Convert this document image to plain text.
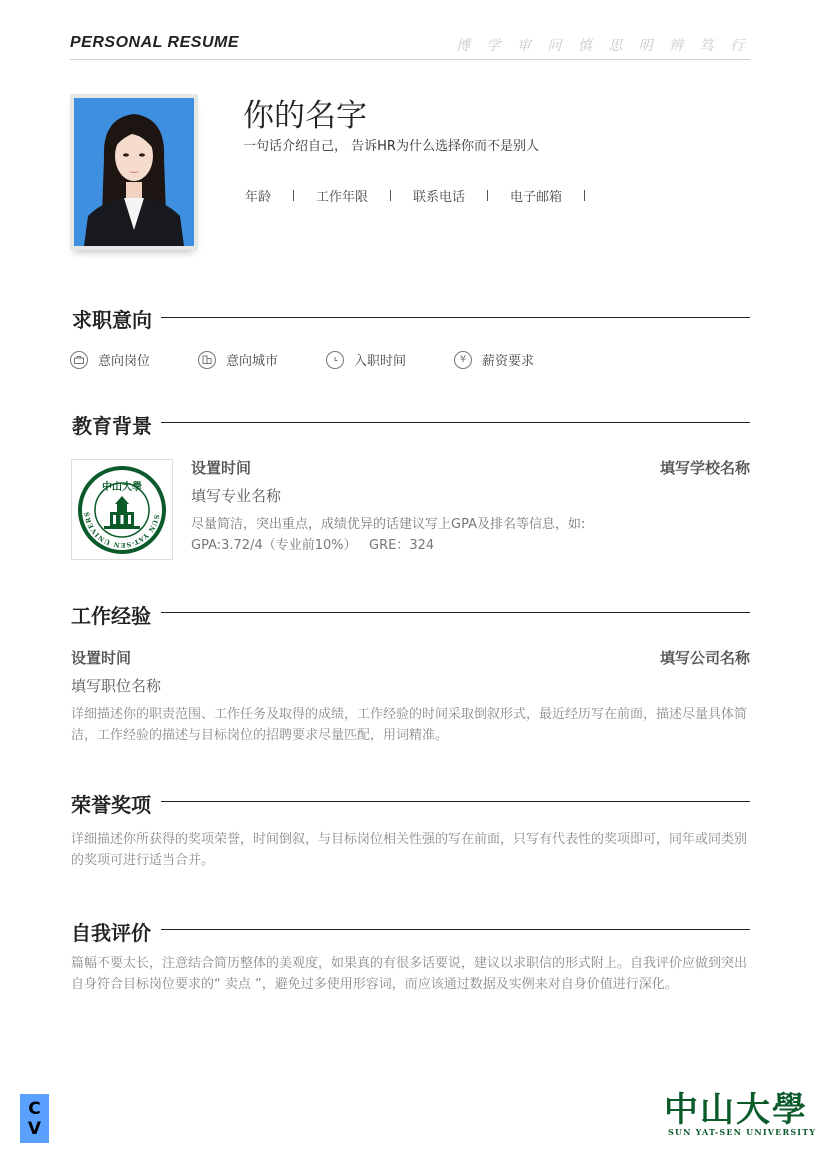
PERSONAL RESUME	博 学 审 问 慎 思 明 辨 笃 行
你的名字
一句话介绍自己， 告诉HR为什么选择你而不是别人
年龄	工作年限	联系电话	电子邮箱
求职意向
意向岗位	意向城市	入职时间	¥	薪资要求
教育背景
中山大學
SUN YAT-SEN UNIVERS
设置时间	填写学校名称
填写专业名称
尽量简洁，突出重点，成绩优异的话建议写上GPA及排名等信息，如:
GPA:3.72/4（专业前10%）   GRE：324
工作经验
设置时间	填写公司名称
填写职位名称
详细描述你的职责范围、工作任务及取得的成绩，工作经验的时间采取倒叙形式，最近经历写在前面，描述尽量具体简洁，工作经验的描述与目标岗位的招聘要求尽量匹配，用词精准。
荣誉奖项
详细描述你所获得的奖项荣誉，时间倒叙，与目标岗位相关性强的写在前面，只写有代表性的奖项即可，同年或同类别的奖项可进行适当合并。
自我评价
篇幅不要太长，注意结合简历整体的美观度，如果真的有很多话要说，建议以求职信的形式附上。自我评价应做到突出自身符合目标岗位要求的“ 卖点 ”，避免过多使用形容词，而应该通过数据及实例来对自身价值进行深化。
C
V	中山大學
SUN YAT-SEN UNIVERSITY
